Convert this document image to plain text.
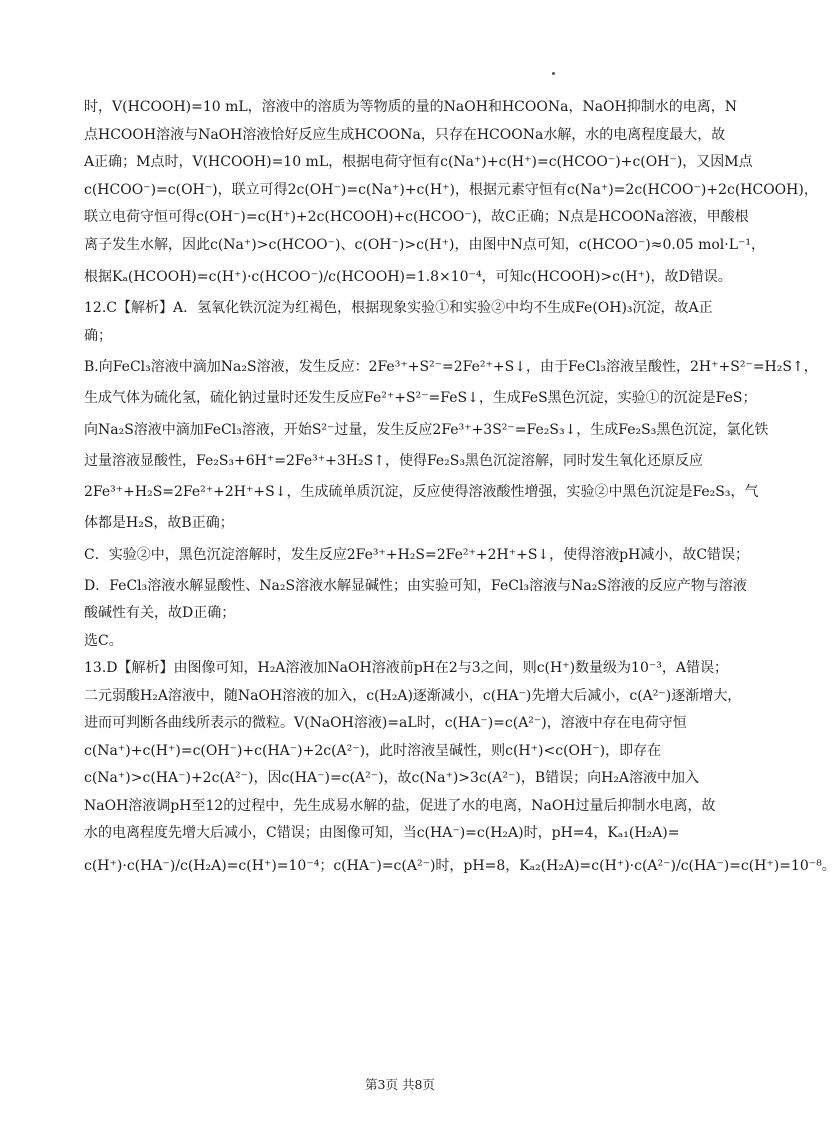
时，V(HCOOH)=10 mL，溶液中的溶质为等物质的量的NaOH和HCOONa，NaOH抑制水的电离，N
点HCOOH溶液与NaOH溶液恰好反应生成HCOONa，只存在HCOONa水解，水的电离程度最大，故
A正确；M点时，V(HCOOH)=10 mL，根据电荷守恒有c(Na⁺)+c(H⁺)=c(HCOO⁻)+c(OH⁻)，又因M点
c(HCOO⁻)=c(OH⁻)，联立可得2c(OH⁻)=c(Na⁺)+c(H⁺)，根据元素守恒有c(Na⁺)=2c(HCOO⁻)+2c(HCOOH)，
联立电荷守恒可得c(OH⁻)=c(H⁺)+2c(HCOOH)+c(HCOO⁻)，故C正确；N点是HCOONa溶液，甲酸根
离子发生水解，因此c(Na⁺)>c(HCOO⁻)、c(OH⁻)>c(H⁺)，由图中N点可知，c(HCOO⁻)≈0.05 mol·L⁻¹，
根据Kₐ(HCOOH)=c(H⁺)·c(HCOO⁻)/c(HCOOH)=1.8×10⁻⁴，可知c(HCOOH)>c(H⁺)，故D错误。
12.C【解析】A．氢氧化铁沉淀为红褐色，根据现象实验①和实验②中均不生成Fe(OH)₃沉淀，故A正
确；
B.向FeCl₃溶液中滴加Na₂S溶液，发生反应：2Fe³⁺+S²⁻=2Fe²⁺+S↓，由于FeCl₃溶液呈酸性，2H⁺+S²⁻=H₂S↑，
生成气体为硫化氢，硫化钠过量时还发生反应Fe²⁺+S²⁻=FeS↓，生成FeS黑色沉淀，实验①的沉淀是FeS；
向Na₂S溶液中滴加FeCl₃溶液，开始S²⁻过量，发生反应2Fe³⁺+3S²⁻=Fe₂S₃↓，生成Fe₂S₃黑色沉淀，氯化铁
过量溶液显酸性，Fe₂S₃+6H⁺=2Fe³⁺+3H₂S↑，使得Fe₂S₃黑色沉淀溶解，同时发生氧化还原反应
2Fe³⁺+H₂S=2Fe²⁺+2H⁺+S↓，生成硫单质沉淀，反应使得溶液酸性增强，实验②中黑色沉淀是Fe₂S₃，气
体都是H₂S，故B正确；
C．实验②中，黑色沉淀溶解时，发生反应2Fe³⁺+H₂S=2Fe²⁺+2H⁺+S↓，使得溶液pH减小，故C错误；
D．FeCl₃溶液水解显酸性、Na₂S溶液水解显碱性；由实验可知，FeCl₃溶液与Na₂S溶液的反应产物与溶液
酸碱性有关，故D正确；
选C。
13.D【解析】由图像可知，H₂A溶液加NaOH溶液前pH在2与3之间，则c(H⁺)数量级为10⁻³，A错误；
二元弱酸H₂A溶液中，随NaOH溶液的加入，c(H₂A)逐渐减小，c(HA⁻)先增大后减小，c(A²⁻)逐渐增大，
进而可判断各曲线所表示的微粒。V(NaOH溶液)=aL时，c(HA⁻)=c(A²⁻)，溶液中存在电荷守恒
c(Na⁺)+c(H⁺)=c(OH⁻)+c(HA⁻)+2c(A²⁻)，此时溶液呈碱性，则c(H⁺)<c(OH⁻)，即存在
c(Na⁺)>c(HA⁻)+2c(A²⁻)，因c(HA⁻)=c(A²⁻)，故c(Na⁺)>3c(A²⁻)，B错误；向H₂A溶液中加入
NaOH溶液调pH至12的过程中，先生成易水解的盐，促进了水的电离，NaOH过量后抑制水电离，故
水的电离程度先增大后减小，C错误；由图像可知，当c(HA⁻)=c(H₂A)时，pH=4，Kₐ₁(H₂A)=
c(H⁺)·c(HA⁻)/c(H₂A)=c(H⁺)=10⁻⁴；c(HA⁻)=c(A²⁻)时，pH=8，Kₐ₂(H₂A)=c(H⁺)·c(A²⁻)/c(HA⁻)=c(H⁺)=10⁻⁸。
第3页 共8页
